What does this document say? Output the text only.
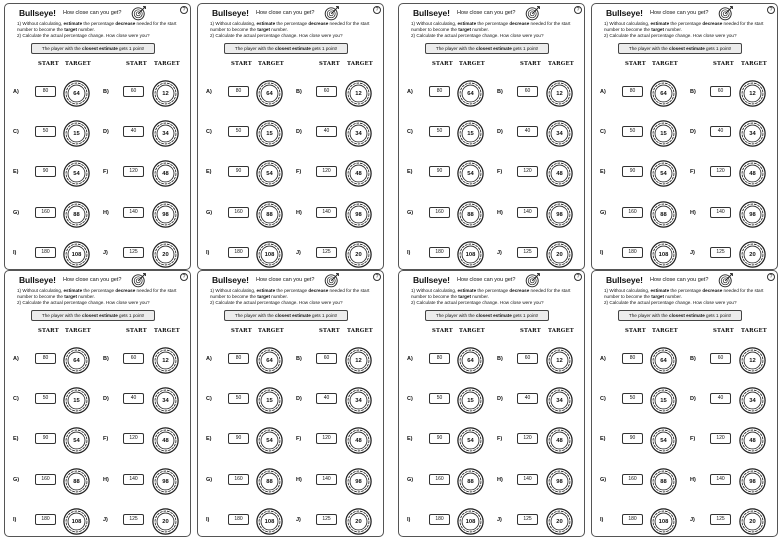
Bullseye! How close can you get?	?
1) Without calculating, estimate the percentage decrease needed for the start number to become the target number.
2) Calculate the actual percentage change. How close were you?
The player with the closest estimate gets 1 point!
START TARGET	START TARGET
A)	80	64	B)	60	12
C)	50	15	D)	40	34
E)	90	54	F)	120	48
G)	160	88	H)	140	98
I)	180	108	J)	125	20
Bullseye! How close can you get?	?
1) Without calculating, estimate the percentage decrease needed for the start number to become the target number.
2) Calculate the actual percentage change. How close were you?
The player with the closest estimate gets 1 point!
START TARGET	START TARGET
A)	80	64	B)	60	12
C)	50	15	D)	40	34
E)	90	54	F)	120	48
G)	160	88	H)	140	98
I)	180	108	J)	125	20
Bullseye! How close can you get?	?
1) Without calculating, estimate the percentage decrease needed for the start number to become the target number.
2) Calculate the actual percentage change. How close were you?
The player with the closest estimate gets 1 point!
START TARGET	START TARGET
A)	80	64	B)	60	12
C)	50	15	D)	40	34
E)	90	54	F)	120	48
G)	160	88	H)	140	98
I)	180	108	J)	125	20
Bullseye! How close can you get?	?
1) Without calculating, estimate the percentage decrease needed for the start number to become the target number.
2) Calculate the actual percentage change. How close were you?
The player with the closest estimate gets 1 point!
START TARGET	START TARGET
A)	80	64	B)	60	12
C)	50	15	D)	40	34
E)	90	54	F)	120	48
G)	160	88	H)	140	98
I)	180	108	J)	125	20
Bullseye! How close can you get?	?
1) Without calculating, estimate the percentage decrease needed for the start number to become the target number.
2) Calculate the actual percentage change. How close were you?
The player with the closest estimate gets 1 point!
START TARGET	START TARGET
A)	80	64	B)	60	12
C)	50	15	D)	40	34
E)	90	54	F)	120	48
G)	160	88	H)	140	98
I)	180	108	J)	125	20
Bullseye! How close can you get?	?
1) Without calculating, estimate the percentage decrease needed for the start number to become the target number.
2) Calculate the actual percentage change. How close were you?
The player with the closest estimate gets 1 point!
START TARGET	START TARGET
A)	80	64	B)	60	12
C)	50	15	D)	40	34
E)	90	54	F)	120	48
G)	160	88	H)	140	98
I)	180	108	J)	125	20
Bullseye! How close can you get?	?
1) Without calculating, estimate the percentage decrease needed for the start number to become the target number.
2) Calculate the actual percentage change. How close were you?
The player with the closest estimate gets 1 point!
START TARGET	START TARGET
A)	80	64	B)	60	12
C)	50	15	D)	40	34
E)	90	54	F)	120	48
G)	160	88	H)	140	98
I)	180	108	J)	125	20
Bullseye! How close can you get?	?
1) Without calculating, estimate the percentage decrease needed for the start number to become the target number.
2) Calculate the actual percentage change. How close were you?
The player with the closest estimate gets 1 point!
START TARGET	START TARGET
A)	80	64	B)	60	12
C)	50	15	D)	40	34
E)	90	54	F)	120	48
G)	160	88	H)	140	98
I)	180	108	J)	125	20
